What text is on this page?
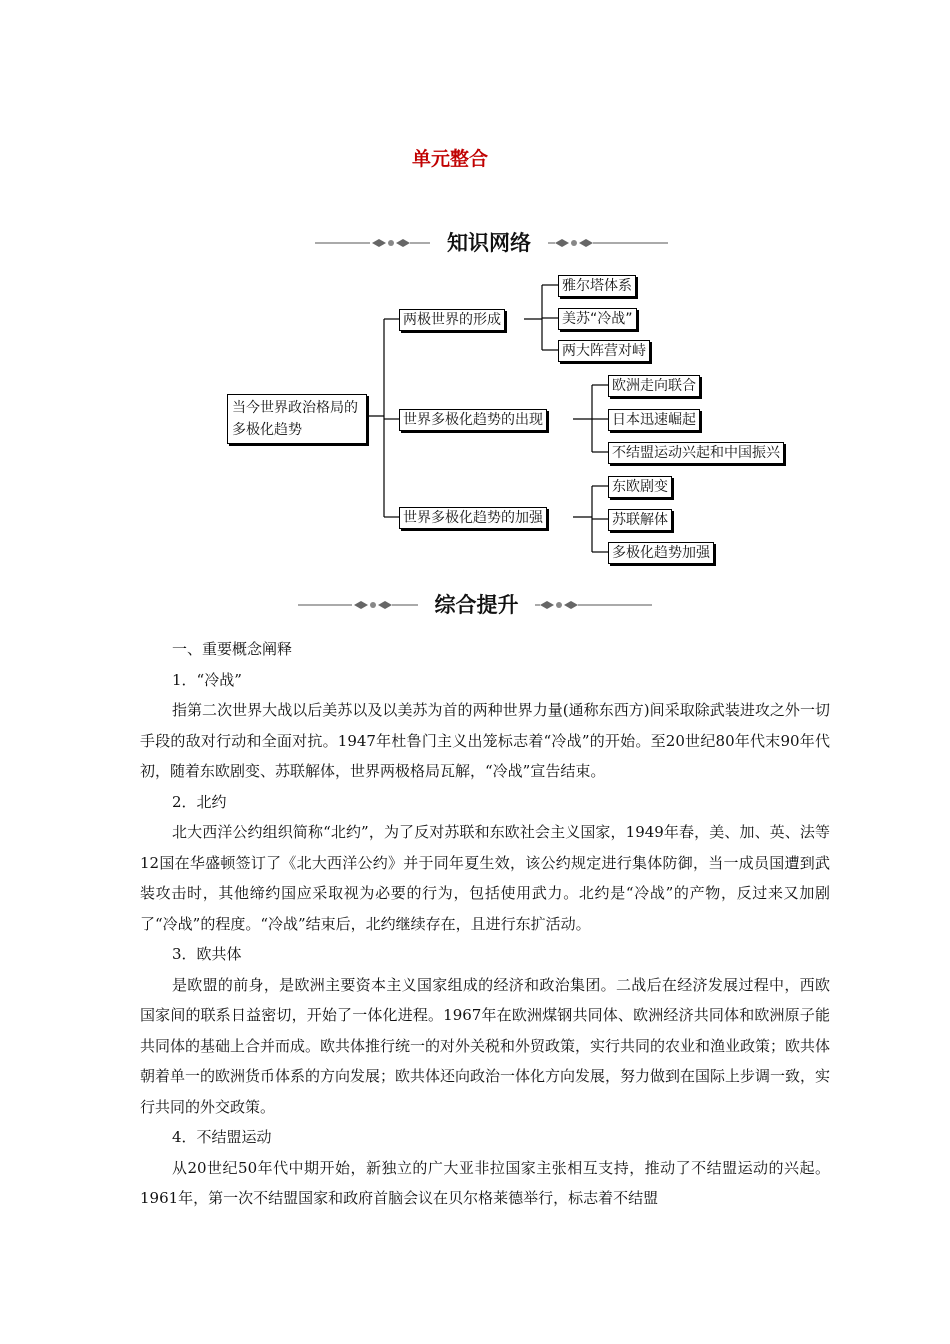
单元整合
知识网络
当今世界政治格局的多极化趋势
两极世界的形成
世界多极化趋势的出现
世界多极化趋势的加强
雅尔塔体系
美苏“冷战”
两大阵营对峙
欧洲走向联合
日本迅速崛起
不结盟运动兴起和中国振兴
东欧剧变
苏联解体
多极化趋势加强
综合提升

一、重要概念阐释

1．“冷战”

指第二次世界大战以后美苏以及以美苏为首的两种世界力量(通称东西方)间采取除武装进攻之外一切手段的敌对行动和全面对抗。1947年杜鲁门主义出笼标志着“冷战”的开始。至20世纪80年代末90年代初，随着东欧剧变、苏联解体，世界两极格局瓦解，“冷战”宣告结束。

2．北约

北大西洋公约组织简称“北约”，为了反对苏联和东欧社会主义国家，1949年春，美、加、英、法等12国在华盛顿签订了《北大西洋公约》并于同年夏生效，该公约规定进行集体防御，当一成员国遭到武装攻击时，其他缔约国应采取视为必要的行为，包括使用武力。北约是“冷战”的产物，反过来又加剧了“冷战”的程度。“冷战”结束后，北约继续存在，且进行东扩活动。

3．欧共体

是欧盟的前身，是欧洲主要资本主义国家组成的经济和政治集团。二战后在经济发展过程中，西欧国家间的联系日益密切，开始了一体化进程。1967年在欧洲煤钢共同体、欧洲经济共同体和欧洲原子能共同体的基础上合并而成。欧共体推行统一的对外关税和外贸政策，实行共同的农业和渔业政策；欧共体朝着单一的欧洲货币体系的方向发展；欧共体还向政治一体化方向发展，努力做到在国际上步调一致，实行共同的外交政策。

4．不结盟运动

从20世纪50年代中期开始，新独立的广大亚非拉国家主张相互支持，推动了不结盟运动的兴起。1961年，第一次不结盟国家和政府首脑会议在贝尔格莱德举行，标志着不结盟
